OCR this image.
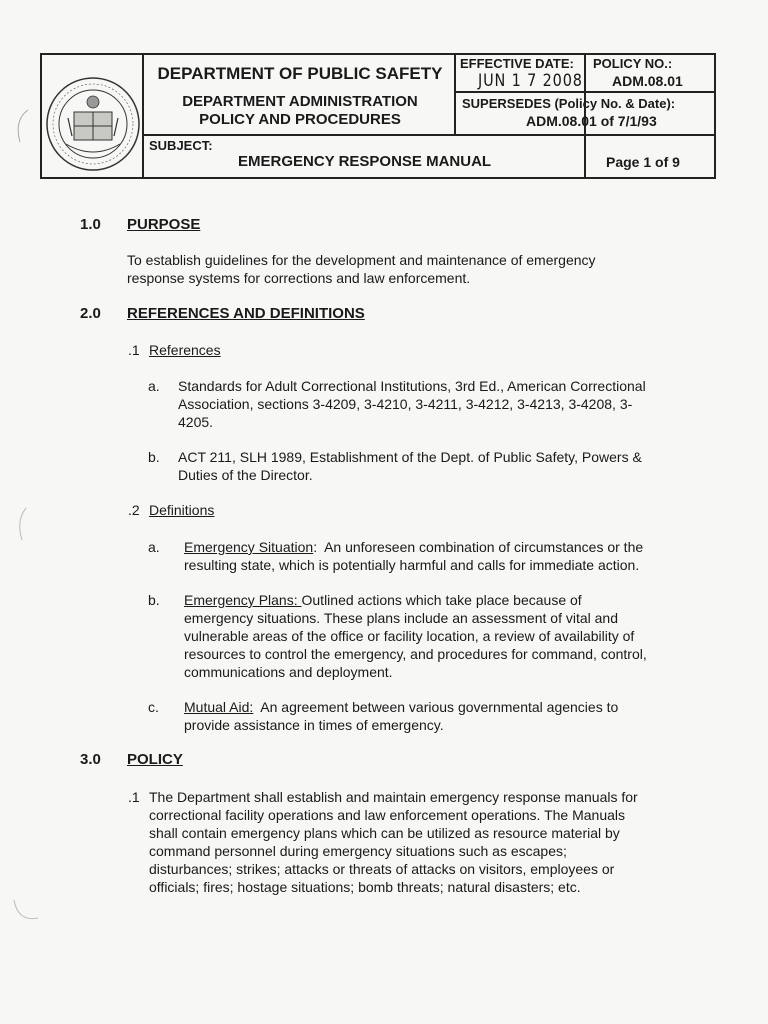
DEPARTMENT OF PUBLIC SAFETY
DEPARTMENT ADMINISTRATION
POLICY AND PROCEDURES
EFFECTIVE DATE:
JUN 1 7 2008
POLICY NO.:
ADM.08.01
SUPERSEDES (Policy No. & Date):
ADM.08.01 of 7/1/93
SUBJECT:
EMERGENCY RESPONSE MANUAL	Page 1 of 9
1.0 PURPOSE
To establish guidelines for the development and maintenance of emergency
response systems for corrections and law enforcement.
2.0 REFERENCES AND DEFINITIONS
.1 References
a. Standards for Adult Correctional Institutions, 3rd Ed., American Correctional
Association, sections 3-4209, 3-4210, 3-4211, 3-4212, 3-4213, 3-4208, 3-
4205.
b. ACT 211, SLH 1989, Establishment of the Dept. of Public Safety, Powers &
Duties of the Director.
.2 Definitions
a. Emergency Situation:  An unforeseen combination of circumstances or the
resulting state, which is potentially harmful and calls for immediate action.
b. Emergency Plans: Outlined actions which take place because of
emergency situations. These plans include an assessment of vital and
vulnerable areas of the office or facility location, a review of availability of
resources to control the emergency, and procedures for command, control,
communications and deployment.
c. Mutual Aid:  An agreement between various governmental agencies to
provide assistance in times of emergency.
3.0 POLICY
.1 The Department shall establish and maintain emergency response manuals for
correctional facility operations and law enforcement operations. The Manuals
shall contain emergency plans which can be utilized as resource material by
command personnel during emergency situations such as escapes;
disturbances; strikes; attacks or threats of attacks on visitors, employees or
officials; fires; hostage situations; bomb threats; natural disasters; etc.
